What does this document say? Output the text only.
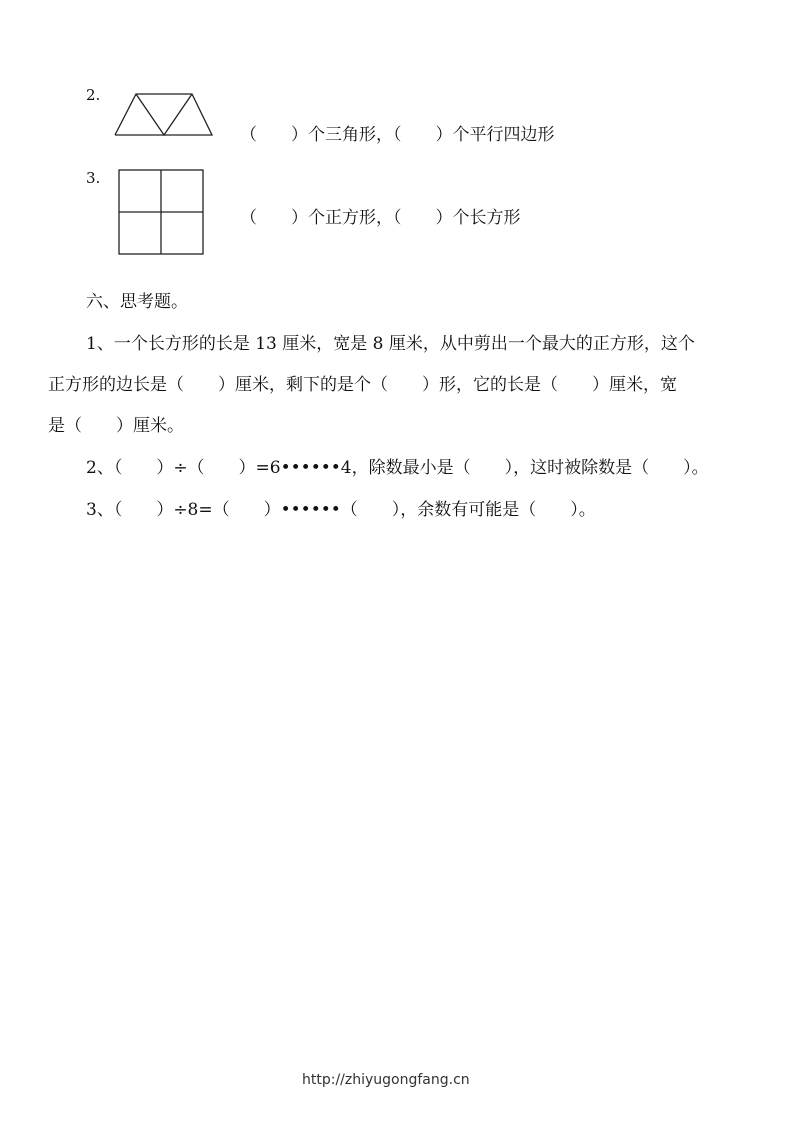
2.
（　　）个三角形，（　　）个平行四边形
3.
（　　）个正方形，（　　）个长方形
六、思考题。
1、一个长方形的长是 13 厘米，宽是 8 厘米，从中剪出一个最大的正方形，这个
正方形的边长是（　　）厘米，剩下的是个（　　）形，它的长是（　　）厘米，宽
是（　　）厘米。
2、（　　）÷（　　）=6••••••4，除数最小是（　　），这时被除数是（　　）。
3、（　　）÷8=（　　）••••••（　　），余数有可能是（　　）。
http://zhiyugongfang.cn
